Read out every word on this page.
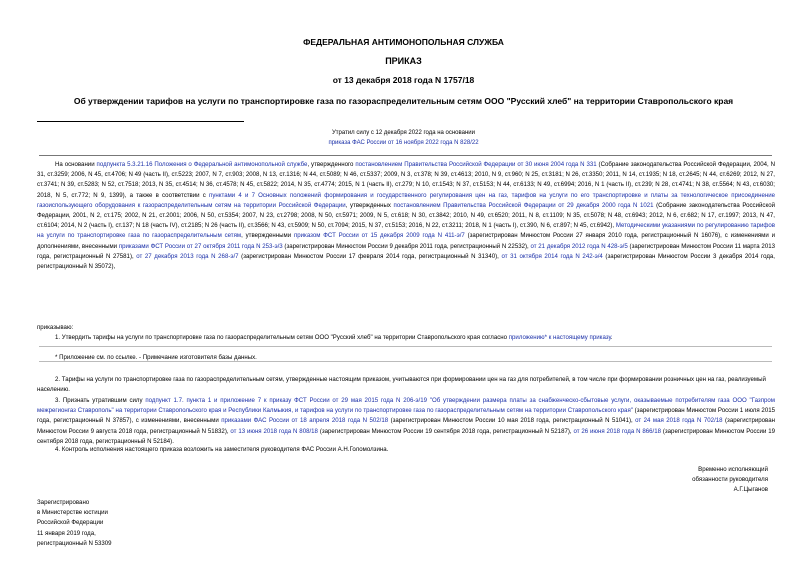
ФЕДЕРАЛЬНАЯ АНТИМОНОПОЛЬНАЯ СЛУЖБА
ПРИКАЗ
от 13 декабря 2018 года N 1757/18
Об утверждении тарифов на услуги по транспортировке газа по газораспределительным сетям ООО "Русский хлеб" на территории Ставропольского края
Утратил силу с 12 декабря 2022 года на основании
приказа ФАС России от 16 ноября 2022 года N 828/22
На основании подпункта 5.3.21.16 Положения о Федеральной антимонопольной службе, утвержденного постановлением Правительства Российской Федерации от 30 июня 2004 года N 331 (Собрание законодательства Российской Федерации, 2004, N 31, ст.3259; 2006, N 45, ст.4706; N 49 (часть II), ст.5223; 2007, N 7, ст.903; 2008, N 13, ст.1316; N 44, ст.5089; N 46, ст.5337; 2009, N 3, ст.378; N 39, ст.4613; 2010, N 9, ст.960; N 25, ст.3181; N 26, ст.3350; 2011, N 14, ст.1935; N 18, ст.2645; N 44, ст.6269; 2012, N 27, ст.3741; N 39, ст.5283; N 52, ст.7518; 2013, N 35, ст.4514; N 36, ст.4578; N 45, ст.5822; 2014, N 35, ст.4774; 2015, N 1 (часть II), ст.279; N 10, ст.1543; N 37, ст.5153; N 44, ст.6133; N 49, ст.6994; 2016, N 1 (часть II), ст.239; N 28, ст.4741; N 38, ст.5564; N 43, ст.6030; 2018, N 5, ст.772; N 9, 1399), а также в соответствии с пунктами 4 и 7 Основных положений формирования и государственного регулирования цен на газ, тарифов на услуги по его транспортировке и платы за технологическое присоединение газоиспользующего оборудования к газораспределительным сетям на территории Российской Федерации, утвержденных постановлением Правительства Российской Федерации от 29 декабря 2000 года N 1021 (Собрание законодательства Российской Федерации, 2001, N 2, ст.175; 2002, N 21, ст.2001; 2006, N 50, ст.5354; 2007, N 23, ст.2798; 2008, N 50, ст.5971; 2009, N 5, ст.618; N 30, ст.3842; 2010, N 49, ст.6520; 2011, N 8, ст.1109; N 35, ст.5078; N 48, ст.6943; 2012, N 6, ст.682; N 17, ст.1997; 2013, N 47, ст.6104; 2014, N 2 (часть I), ст.137; N 18 (часть IV), ст.2185; N 26 (часть II), ст.3566; N 43, ст.5909; N 50, ст.7094; 2015, N 37, ст.5153; 2016, N 22, ст.3211; 2018, N 1 (часть I), ст.390, N 6, ст.897; N 45, ст.6942), Методическими указаниями по регулированию тарифов на услуги по транспортировке газа по газораспределительным сетям, утвержденными приказом ФСТ России от 15 декабря 2009 года N 411-э/7 (зарегистрирован Минюстом России 27 января 2010 года, регистрационный N 16076), с изменениями и дополнениями, внесенными приказами ФСТ России от 27 октября 2011 года N 253-э/3 (зарегистрирован Минюстом России 9 декабря 2011 года, регистрационный N 22532), от 21 декабря 2012 года N 428-э/5 (зарегистрирован Минюстом России 11 марта 2013 года, регистрационный N 27581), от 27 декабря 2013 года N 268-э/7 (зарегистрирован Минюстом России 17 февраля 2014 года, регистрационный N 31340), от 31 октября 2014 года N 242-э/4 (зарегистрирован Минюстом России 3 декабря 2014 года, регистрационный N 35072),
приказываю:
1. Утвердить тарифы на услуги по транспортировке газа по газораспределительным сетям ООО "Русский хлеб" на территории Ставропольского края согласно приложению* к настоящему приказу.
* Приложение см. по ссылке. - Примечание изготовителя базы данных.
2. Тарифы на услуги по транспортировке газа по газораспределительным сетям, утвержденные настоящим приказом, учитываются при формировании цен на газ для потребителей, в том числе при формировании розничных цен на газ, реализуемый населению.
3. Признать утратившим силу подпункт 1.7. пункта 1 и приложение 7 к приказу ФСТ России от 29 мая 2015 года N 206-э/19 "Об утверждении размера платы за снабженческо-сбытовые услуги, оказываемые потребителям газа ООО "Газпром межрегионгаз Ставрополь" на территории Ставропольского края и Республики Калмыкия, и тарифов на услуги по транспортировке газа по газораспределительным сетям на территории Ставропольского края" (зарегистрирован Минюстом России 1 июля 2015 года, регистрационный N 37857), с изменениями, внесенными приказами ФАС России от 18 апреля 2018 года N 502/18 (зарегистрирован Минюстом России 10 мая 2018 года, регистрационный N 51041), от 24 мая 2018 года N 702/18 (зарегистрирован Минюстом России 9 августа 2018 года, регистрационный N 51832), от 13 июня 2018 года N 808/18 (зарегистрирован Минюстом России 19 сентября 2018 года, регистрационный N 52187), от 26 июня 2018 года N 866/18 (зарегистрирован Минюстом России 19 сентября 2018 года, регистрационный N 52184).
4. Контроль исполнения настоящего приказа возложить на заместителя руководителя ФАС России А.Н.Голомолзина.
Временно исполняющий
обязанности руководителя
А.Г.Цыганов
Зарегистрировано
в Министерстве юстиции
Российской Федерации
11 января 2019 года,
регистрационный N 53309
